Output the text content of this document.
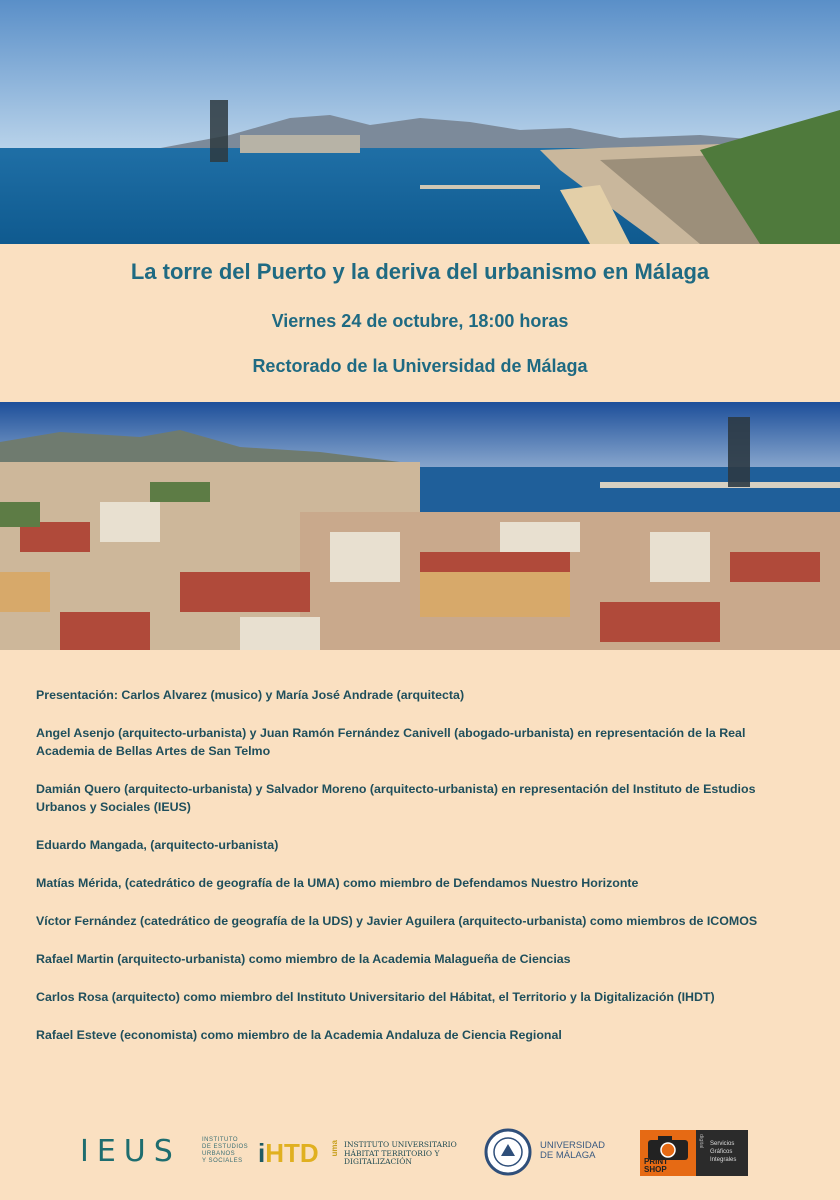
La torre del Puerto y la deriva del urbanismo en Málaga
Viernes 24 de octubre, 18:00 horas
Rectorado de la Universidad de Málaga

Presentación: Carlos Alvarez (musico) y María José Andrade (arquitecta)

Angel Asenjo (arquitecto-urbanista) y Juan Ramón Fernández Canivell (abogado-urbanista) en representación de la Real Academia de Bellas Artes de San Telmo

Damián Quero (arquitecto-urbanista) y Salvador Moreno (arquitecto-urbanista) en representación del Instituto de Estudios Urbanos y Sociales (IEUS)

Eduardo Mangada, (arquitecto-urbanista)

Matías Mérida, (catedrático de geografía de la UMA) como miembro de Defendamos Nuestro Horizonte

Víctor Fernández (catedrático de geografía de la UDS) y Javier Aguilera (arquitecto-urbanista) como miembros de ICOMOS

Rafael Martin (arquitecto-urbanista) como miembro de la Academia Malagueña de Ciencias

Carlos Rosa (arquitecto) como miembro del Instituto Universitario del Hábitat, el Territorio y la Digitalización (IHDT)

Rafael Esteve (economista) como miembro de la Academia Andaluza de Ciencia Regional

IEUS	INSTITUTO
DE ESTUDIOS
URBANOS
Y SOCIALES iHTD uma INSTITUTO UNIVERSITARIO
HÁBITAT TERRITORIO Y
DIGITALIZACIÓN
UNIVERSIDAD
DE MÁLAGA
PRINT
SHOP
digital Servicios
Gráficos
Integrales
